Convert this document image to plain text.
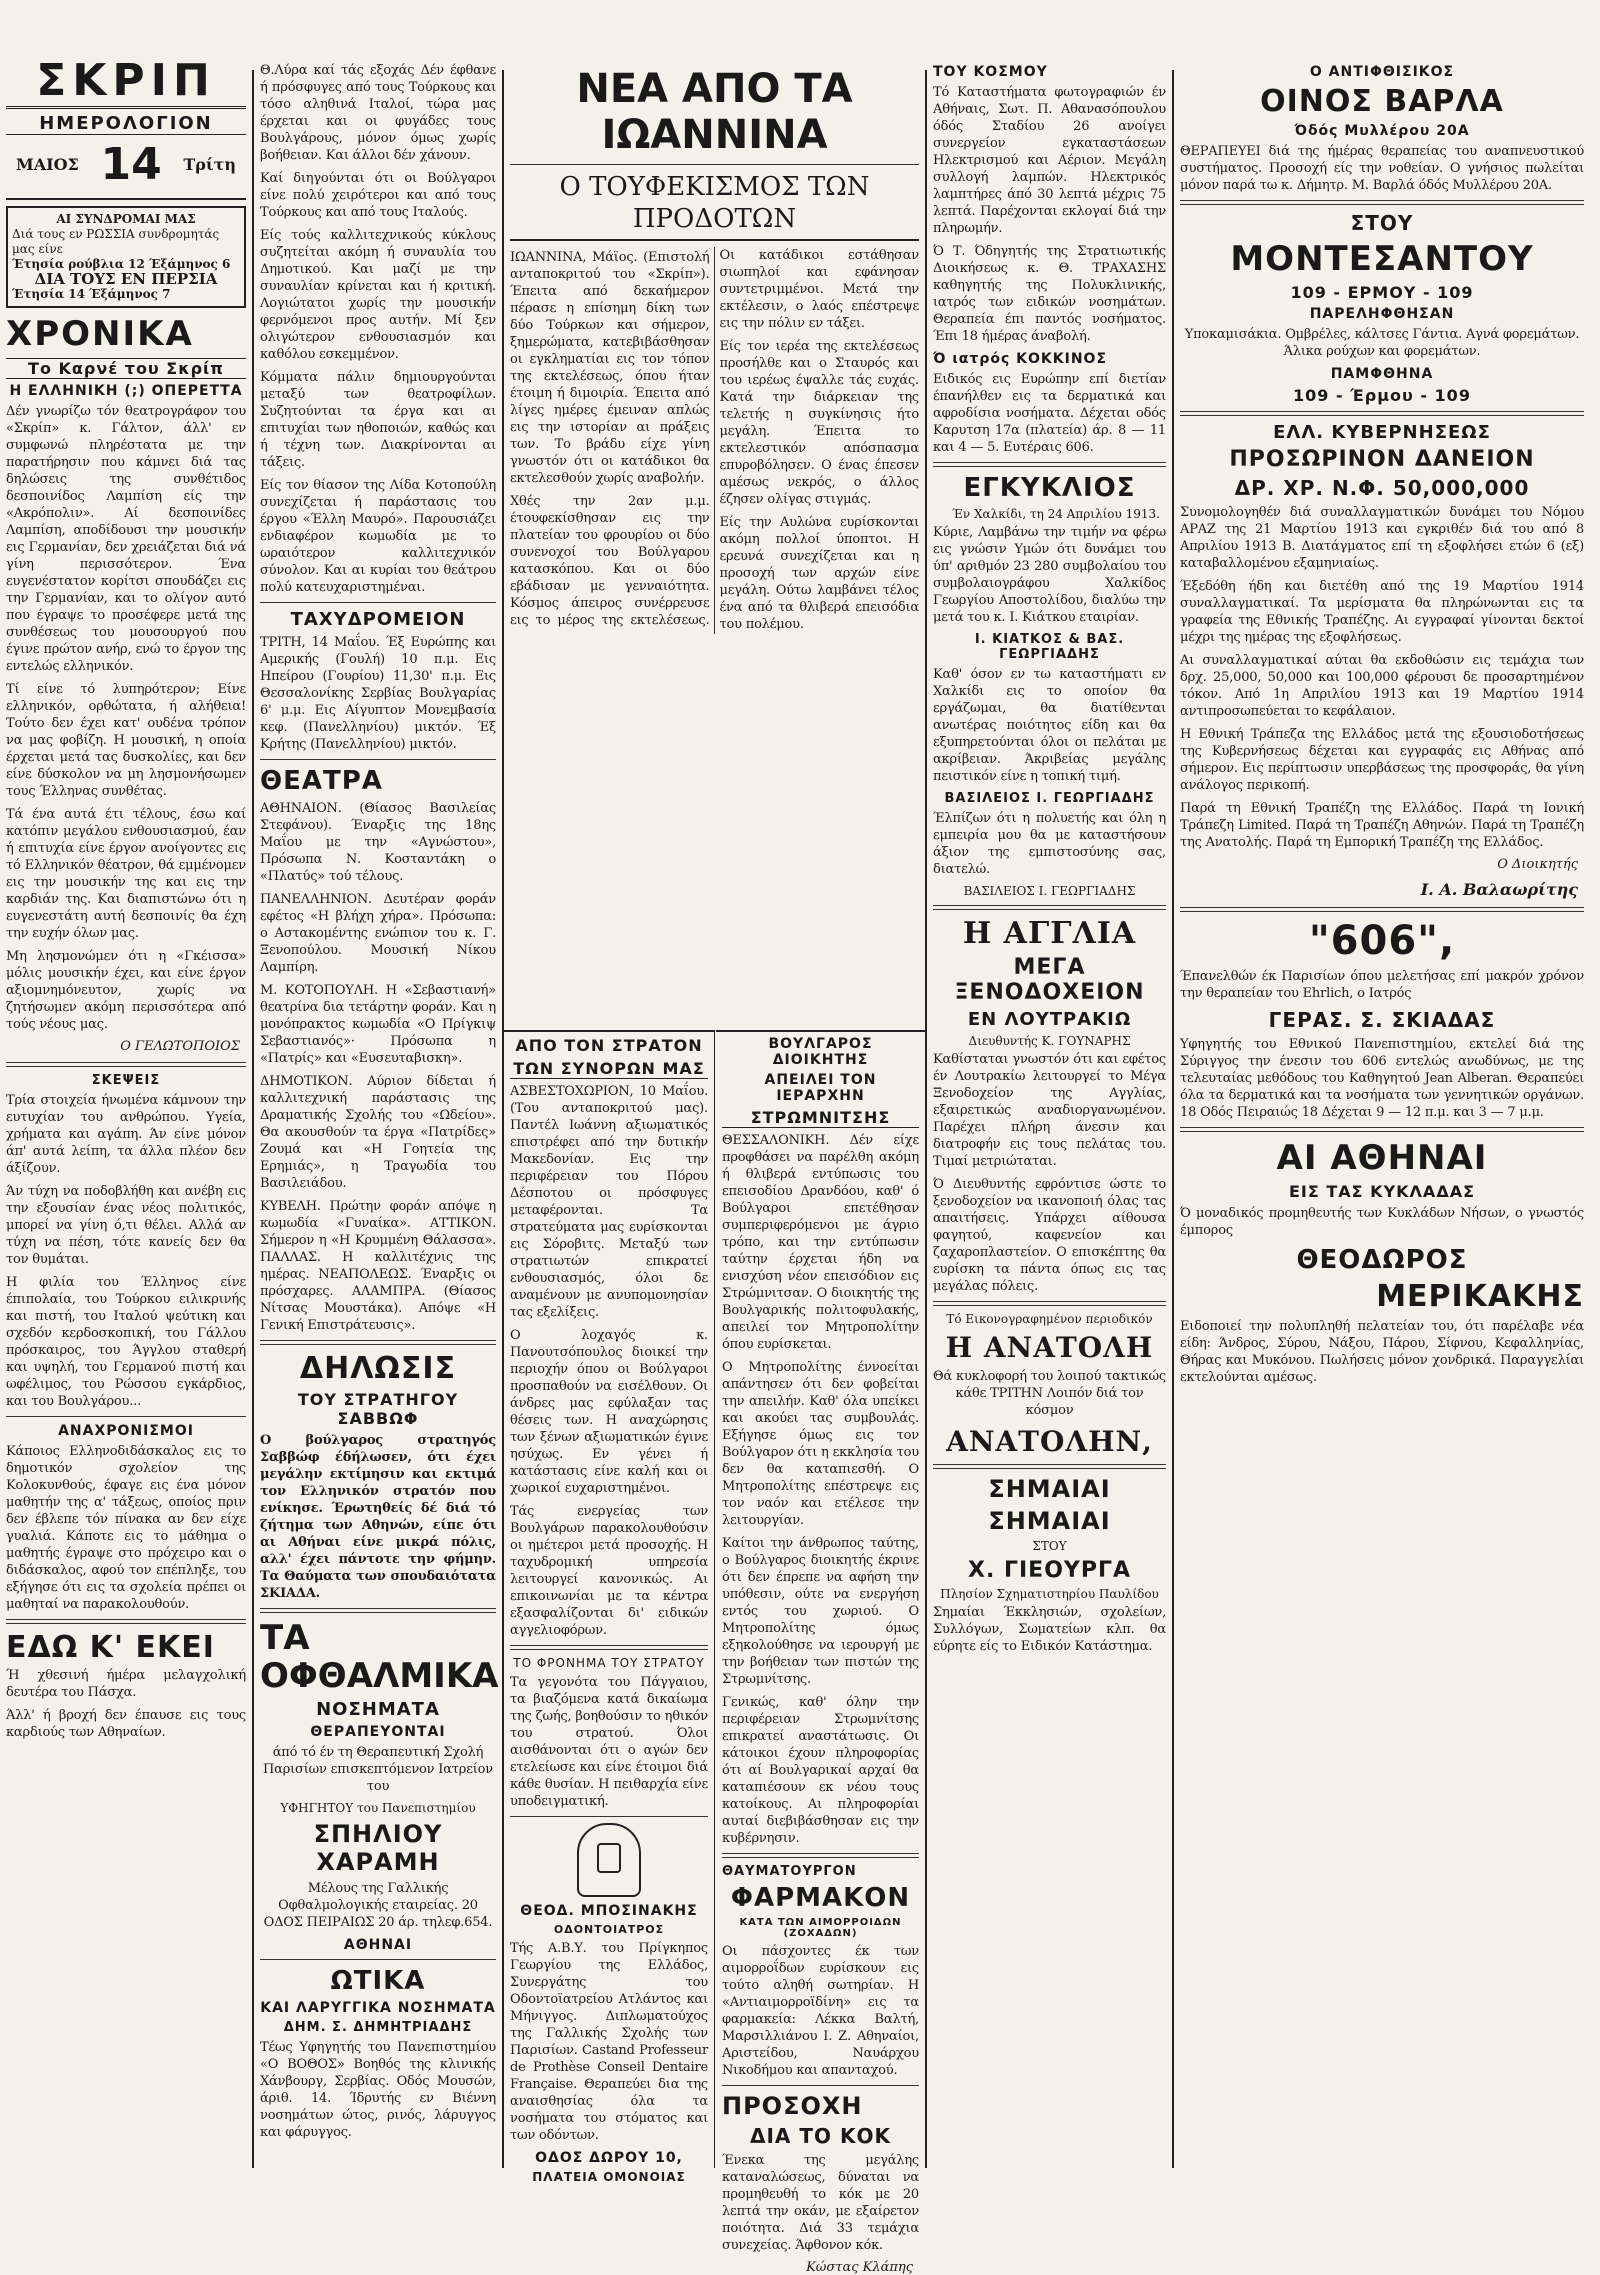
ΣΚΡΙΠ
ΗΜΕΡΟΛΟΓΙΟΝ
ΜΑΙΟΣ 14 Τρίτη
ΑΙ ΣΥΝΔΡΟΜΑΙ ΜΑΣ
Διά τους εν ΡΩΣΣΙΑ συνδρομητάς μας είνε
Έτησία ρούβλια 12 Έξάμηνος 6
ΔΙΑ ΤΟΥΣ ΕΝ ΠΕΡΣΙΑ
Έτησία 14 Έξάμηνος 7
ΧΡΟΝΙΚΑ
Το Καρνέ του Σκρίπ
Η ΕΛΛΗΝΙΚΗ (;) ΟΠΕΡΕΤΤΑ

Δέν γνωρίζω τόν θεατρογράφον του «Σκρίπ» κ. Γάλτον, άλλ' εν συμφωνώ πληρέστατα με την παρατήρησιν που κάμνει διά τας δηλώσεις της συνθέτιδος δεσποινίδος Λαμπίση είς την «Ακρόπολιν». Αί δεσποινίδες Λαμπίση, αποδίδουσι την μουσικήν εις Γερμανίαν, δεν χρειάζεται διά νά γίνη περισσότερον. Ένα ευγενέστατον κορίτσι σπουδάζει εις την Γερμανίαν, και το ολίγον αυτό που έγραψε το προσέφερε μετά της συνθέσεως του μουσουργού που έγινε πρώτον ανήρ, ενώ το έργον της εντελώς ελληνικόν.

Τί είνε τό λυπηρότερον; Είνε ελληνικόν, ορθώτατα, ή αλήθεια! Τούτο δεν έχει κατ' ουδένα τρόπον να μας φοβίζη. Η μουσική, η οποία έρχεται μετά τας δυσκολίες, και δεν είνε δύσκολον να μη λησμονήσωμεν τους Έλληνας συνθέτας.

Τά ένα αυτά έτι τέλους, έσω καί κατόπιν μεγάλου ενθουσιασμού, έαν ή επιτυχία είνε έργον ανοίγοντες εις τό Ελληνικόν θέατρον, θά εμμένομεν εις την μουσικήν της και εις την καρδιάν της. Και διαπιστώνω ότι η ευγενεστάτη αυτή δεσποινίς θα έχη την ευχήν όλων μας.

Μη λησμονώμεν ότι η «Γκέισσα» μόλις μουσικήν έχει, και είνε έργον αξιομνημόνευτον, χωρίς να ζητήσωμεν ακόμη περισσότερα από τούς νέους μας.

Ο ΓΕΛΩΤΟΠΟΙΟΣ
ΣΚΕΨΕΙΣ

Τρία στοιχεία ήνωμένα κάμνουν την ευτυχίαν του ανθρώπου. Υγεία, χρήματα και αγάπη. Άν είνε μόνον άπ' αυτά λείπη, τα άλλα πλέον δεν άξίζουν.

Άν τύχη να ποδοβλήθη και ανέβη εις την εξουσίαν ένας νέος πολιτικός, μπορεί να γίνη ό,τι θέλει. Αλλά αν τύχη να πέση, τότε κανείς δεν θα τον θυμάται.

Η φιλία του Έλληνος είνε έπιπολαία, του Τούρκου ειλικρινής και πιστή, του Ιταλού ψεύτικη και σχεδόν κερδοσκοπική, του Γάλλου πρόσκαιρος, του Άγγλου σταθερή και υψηλή, του Γερμανού πιστή και ωφέλιμος, του Ρώσσου εγκάρδιος, και του Βουλγάρου...

ΑΝΑΧΡΟΝΙΣΜΟΙ

Κάποιος Ελληνοδιδάσκαλος εις το δημοτικόν σχολείον της Κολοκυνθούς, έφαγε εις ένα μόνον μαθητήν της α' τάξεως, οποίος πριν δεν έβλεπε τόν πίνακα αν δεν είχε γυαλιά. Κάποτε εις το μάθημα ο μαθητής έγραψε στο πρόχειρο και ο διδάσκαλος, αφού τον επέπληξε, του εξήγησε ότι εις τα σχολεία πρέπει οι μαθηταί να παρακολουθούν.

ΕΔΩ Κ' ΕΚΕΙ

Ή χθεσινή ήμέρα μελαγχολική δευτέρα του Πάσχα.

Άλλ' ή βροχή δεν έπαυσε εις τους καρδιούς των Αθηναίων.

Θ.Λύρα καί τάς εξοχάς Δέν έφθανε ή πρόσφυγες από τους Τούρκους και τόσο αληθινά Ιταλοί, τώρα μας έρχεται και οι φυγάδες τους Βουλγάρους, μόνον όμως χωρίς βοήθειαν. Και άλλοι δέν χάνουν.

Καί διηγούνται ότι οι Βούλγαροι είνε πολύ χειρότεροι και από τους Τούρκους και από τους Ιταλούς.

Είς τούς καλλιτεχνικούς κύκλους συζητείται ακόμη ή συναυλία του Δημοτικού. Και μαζί με την συναυλίαν κρίνεται και ή κριτική. Λογιώτατοι χωρίς την μουσικήν φερνόμενοι προς αυτήν. Μί ξεν ολιγώτερον ενθουσιασμόν και καθόλου εσκεμμένον.

Κόμματα πάλιν δημιουργούνται μεταξύ των θεατροφίλων. Συζητούνται τα έργα και αι επιτυχίαι των ηθοποιών, καθώς και ή τέχνη των. Διακρίνονται αι τάξεις.

Είς τον θίασον της Λίδα Κοτοπούλη συνεχίζεται ή παράστασις του έργου «Έλλη Μαυρό». Παρουσιάζει ενδιαφέρον κωμωδία με το ωραιότερον καλλιτεχνικόν σύνολον. Και αι κυρίαι του θεάτρου πολύ κατευχαριστημέναι.

ΤΑΧΥΔΡΟΜΕΙΟΝ

ΤΡΙΤΗ, 14 Μαΐου. Έξ Ευρώπης και Αμερικής (Γουλή) 10 π.μ. Εις Ηπείρου (Γουρίου) 11,30' π.μ. Εις Θεσσαλονίκης Σερβίας Βουλγαρίας 6' μ.μ. Εις Αίγυπτον Μονεμβασία κεφ. (Πανελληνίου) μικτόν. Έξ Κρήτης (Πανελληνίου) μικτόν.

ΘΕΑΤΡΑ

ΑΘΗΝΑΙΟΝ. (Θίασος Βασιλείας Στεφάνου). Έναρξις της 18ης Μαΐου με την «Αγνώστου», Πρόσωπα Ν. Κοσταντάκη ο «Πλατύς» τού τέλους.

ΠΑΝΕΛΛΗΝΙΟΝ. Δευτέραν φοράν εφέτος «Η βλήχη χήρα». Πρόσωπα: ο Αστακομέντης ενώπιον του κ. Γ. Ξενοπούλου. Μουσική Νίκου Λαμπίρη.

Μ. ΚΟΤΟΠΟΥΛΗ. Η «Σεβαστιανή» θεατρίνα δια τετάρτην φοράν. Και η μονόπρακτος κωμωδία «Ο Πρίγκιψ Σεβαστιανός»· Πρόσωπα η «Πατρίς» και «Ευσευταβισκη».

ΔΗΜΟΤΙΚΟΝ. Αύριον δίδεται ή καλλιτεχνική παράστασις της Δραματικής Σχολής του «Ωδείου». Θα ακουσθούν τα έργα «Πατρίδες» Ζουμά και «Η Γοητεία της Ερημιάς», η Τραγωδία του Βασιλειάδου.

ΚΥΒΕΛΗ. Πρώτην φοράν απόψε η κωμωδία «Γυναίκα». ΑΤΤΙΚΟΝ. Σήμερον η «Η Κρυμμένη Θάλασσα». ΠΑΛΛΑΣ. Η καλλιτέχνις της ημέρας. ΝΕΑΠΟΛΕΩΣ. Έναρξις οι πρόσχαρες. ΑΛΑΜΠΡΑ. (Θίασος Νίτσας Μουστάκα). Απόψε «Η Γενική Επιστράτευσις».

ΔΗΛΩΣΙΣ
ΤΟΥ ΣΤΡΑΤΗΓΟΥ ΣΑΒΒΩΦ

Ο βούλγαρος στρατηγός Σαββώφ έδήλωσεν, ότι έχει μεγάλην εκτίμησιν και εκτιμά τον Ελληνικόν στρατόν που ενίκησε. Έρωτηθείς δέ διά τό ζήτημα των Αθηνών, είπε ότι αι Αθήναι είνε μικρά πόλις, αλλ' έχει πάντοτε την φήμην. Τα Θαύματα των σπουδαιότατα ΣΚΙΑΔΑ.

ΤΑ ΟΦΘΑΛΜΙΚΑ
ΝΟΣΗΜΑΤΑ
ΘΕΡΑΠΕΥΟΝΤΑΙ

άπό τό έν τη Θεραπευτική Σχολή Παρισίων επισκεπτόμενον Ιατρείον του

ΥΦΗΓΗΤΟΥ του Πανεπιστημίου
ΣΠΗΛΙΟΥ ΧΑΡΑΜΗ

Μέλους της Γαλλικής Οφθαλμολογικής εταιρείας. 20 ΟΔΟΣ ΠΕΙΡΑΙΩΣ 20 άρ. τηλεφ.654.

ΑΘΗΝΑΙ
ΩΤΙΚΑ
ΚΑΙ ΛΑΡΥΓΓΙΚΑ ΝΟΣΗΜΑΤΑ
ΔΗΜ. Σ. ΔΗΜΗΤΡΙΑΔΗΣ

Τέως Υφηγητής του Πανεπιστημίου «Ο ΒΟΘΟΣ» Βοηθός της κλινικής Χάνβουργ, Σερβίας. Οδός Μουσών, άριθ. 14. Ίδρυτής εν Βιέννη νοσημάτων ώτος, ρινός, λάρυγγος και φάρυγγος.

ΝΕΑ ΑΠΟ ΤΑ ΙΩΑΝΝΙΝΑ
Ο ΤΟΥΦΕΚΙΣΜΟΣ ΤΩΝ ΠΡΟΔΟΤΩΝ

ΙΩΑΝΝΙΝΑ, Μάϊος. (Επιστολή ανταποκριτού του «Σκρίπ»). Έπειτα από δεκαήμερον πέρασε η επίσημη δίκη των δύο Τούρκων και σήμερον, ξημερώματα, κατεβιβάσθησαν οι εγκληματίαι εις τον τόπον της εκτελέσεως, όπου ήταν έτοιμη ή διμοιρία. Έπειτα από λίγες ημέρες έμειναν απλώς εις την ιστορίαν αι πράξεις των. Το βράδυ είχε γίνη γνωστόν ότι οι κατάδικοι θα εκτελεσθούν χωρίς αναβολήν.

Χθές την 2αν μ.μ. έτουφεκίσθησαν εις την πλατείαν του φρουρίου οι δύο συνενοχοί του Βούλγαρου κατασκόπου. Και οι δύο εβάδισαν με γενναιότητα. Κόσμος άπειρος συνέρρευσε εις το μέρος της εκτελέσεως. Οι κατάδικοι εστάθησαν σιωπηλοί και εφάνησαν συντετριμμένοι. Μετά την εκτέλεσιν, ο λαός επέστρεψε εις την πόλιν εν τάξει.

Είς τον ιερέα της εκτελέσεως προσήλθε και ο Σταυρός και του ιερέως έψαλλε τάς ευχάς. Κατά την διάρκειαν της τελετής η συγκίνησις ήτο μεγάλη. Έπειτα το εκτελεστικόν απόσπασμα επυροβόλησεν. Ο ένας έπεσεν αμέσως νεκρός, ο άλλος έζησεν ολίγας στιγμάς.

Είς την Αυλώνα ευρίσκονται ακόμη πολλοί ύποπτοι. Η ερευνά συνεχίζεται και η προσοχή των αρχών είνε μεγάλη. Ούτω λαμβάνει τέλος ένα από τα θλιβερά επεισόδια του πολέμου.

ΑΠΟ ΤΟΝ ΣΤΡΑΤΟΝ
ΤΩΝ ΣΥΝΟΡΩΝ ΜΑΣ

ΑΣΒΕΣΤΟΧΩΡΙΟΝ, 10 Μαΐου. (Του ανταποκριτού μας). Παντέλ Ιωάννη αξιωματικός επιστρέφει από την δυτικήν Μακεδονίαν. Εις την περιφέρειαν του Πόρου Δέσποτου οι πρόσφυγες μεταφέρονται. Τα στρατεύματα μας ευρίσκονται εις Σόροβιτς. Μεταξύ των στρατιωτών επικρατεί ενθουσιασμός, όλοι δε αναμένουν με ανυπομονησίαν τας εξελίξεις.

Ο λοχαγός κ. Πανουτσόπουλος διοικεί την περιοχήν όπου οι Βούλγαροι προσπαθούν να εισέλθουν. Οι άνδρες μας εφύλαξαν τας θέσεις των. Η αναχώρησις των ξένων αξιωματικών έγινε ησύχως. Εν γένει ή κατάστασις είνε καλή και οι χωρικοί ευχαριστημένοι.

Τάς ενεργείας των Βουλγάρων παρακολουθούσιν οι ημέτεροι μετά προσοχής. Η ταχυδρομική υπηρεσία λειτουργεί κανονικώς. Αι επικοινωνίαι με τα κέντρα εξασφαλίζονται δι' ειδικών αγγελιοφόρων.

ΤΟ ΦΡΟΝΗΜΑ ΤΟΥ ΣΤΡΑΤΟΥ

Τα γεγονότα του Πάγγαιου, τα βιαζόμενα κατά δικαίωμα της ζωής, βοηθούσιν το ηθικόν του στρατού. Όλοι αισθάνονται ότι ο αγών δεν ετελείωσε και είνε έτοιμοι διά κάθε θυσίαν. Η πειθαρχία είνε υποδειγματική.

ΘΕΟΔ. ΜΠΟΣΙΝΑΚΗΣ
ΟΔΟΝΤΟΙΑΤΡΟΣ

Τής Α.Β.Υ. του Πρίγκηπος Γεωργίου της Ελλάδος, Συνεργάτης του Οδοντοϊατρείου Ατλάντος και Μήνιγγος. Διπλωματούχος της Γαλλικής Σχολής των Παρισίων. Castand Professeur de Prothèse Conseil Dentaire Française. Θεραπεύει δια της αναισθησίας όλα τα νοσήματα του στόματος και των οδόντων.

ΟΔΟΣ ΔΩΡΟΥ 10,
ΠΛΑΤΕΙΑ ΟΜΟΝΟΙΑΣ
ΒΟΥΛΓΑΡΟΣ ΔΙΟΙΚΗΤΗΣ
ΑΠΕΙΛΕΙ ΤΟΝ ΙΕΡΑΡΧΗΝ
ΣΤΡΩΜΝΙΤΣΗΣ

ΘΕΣΣΑΛΟΝΙΚΗ. Δέν είχε προφθάσει να παρέλθη ακόμη ή θλιβερά εντύπωσις του επεισοδίου Δρανδόου, καθ' ό Βούλγαροι επετέθησαν συμπεριφερόμενοι με άγριο τρόπο, και την εντύπωσιν ταύτην έρχεται ήδη να ενισχύση νέον επεισόδιον εις Στρώμνιτσαν. Ο διοικητής της Βουλγαρικής πολιτοφυλακής, απειλεί τον Μητροπολίτην όπου ευρίσκεται.

Ο Μητροπολίτης έννοείται απάντησεν ότι δεν φοβείται την απειλήν. Καθ' όλα υπείκει και ακούει τας συμβουλάς. Εξήγησε όμως εις τον Βούλγαρον ότι η εκκλησία του δεν θα καταπιεσθή. Ο Μητροπολίτης επέστρεψε εις τον ναόν και ετέλεσε την λειτουργίαν.

Καίτοι την άνθρωπος ταύτης, ο Βούλγαρος διοικητής έκρινε ότι δεν έπρεπε να αφήση την υπόθεσιν, ούτε να ενεργήση εντός του χωριού. Ο Μητροπολίτης όμως εξηκολούθησε να ιερουργή με την βοήθειαν των πιστών της Στρωμνίτσης.

Γενικώς, καθ' όλην την περιφέρειαν Στρωμνίτσης επικρατεί αναστάτωσις. Οι κάτοικοι έχουν πληροφορίας ότι αί Βουλγαρικαί αρχαί θα καταπιέσουν εκ νέου τους κατοίκους. Αι πληροφορίαι αυταί διεβιβάσθησαν εις την κυβέρνησιν.

ΘΑΥΜΑΤΟΥΡΓΟΝ
ΦΑΡΜΑΚΟΝ
ΚΑΤΑ ΤΩΝ ΑΙΜΟΡΡΟΙΔΩΝ (ΖΟΧΑΔΩΝ)

Οι πάσχοντες έκ των αιμορροΐδων ευρίσκουν εις τούτο αληθή σωτηρίαν. Η «Αντιαιμορροϊδίνη» εις τα φαρμακεία: Λέκκα Βαλτή, Μαρσιλλιάνου Ι. Ζ. Αθηναίοι, Αριστείδου, Ναυάρχου Νικοδήμου και απανταχού.

ΠΡΟΣΟΧΗ
ΔΙΑ ΤΟ ΚΟΚ

Ένεκα της μεγάλης καταναλώσεως, δύναται να προμηθευθή το κόκ με 20 λεπτά την οκάν, με εξαίρετον ποιότητα. Διά 33 τεμάχια συνεχείας. Άφθονον κόκ.

Κώστας Κλάπης
ΤΟΥ ΚΟΣΜΟΥ

Τό Καταστήματα φωτογραφιών έν Αθήναις, Σωτ. Π. Αθανασόπουλου όδός Σταδίου 26 ανοίγει συνεργείον εγκαταστάσεων Ηλεκτρισμού και Αέριον. Μεγάλη συλλογή λαμπών. Ηλεκτρικός λαμπτήρες άπό 30 λεπτά μέχρις 75 λεπτά. Παρέχονται εκλογαί διά την πληρωμήν.

Ό Τ. Όδηγητής της Στρατιωτικής Διοικήσεως κ. Θ. ΤΡΑΧΑΣΗΣ καθηγητής της Πολυκλινικής, ιατρός των ειδικών νοσημάτων. Θεραπεία έπι παντός νοσήματος. Έπι 18 ήμέρας άναβολή.

Ό ιατρός ΚΟΚΚΙΝΟΣ

Ειδικός εις Ευρώπην επί διετίαν έπανήλθεν εις τα δερματικά και αφροδίσια νοσήματα. Δέχεται οδός Καρυτση 17α (πλατεία) άρ. 8 — 11 και 4 — 5. Ευτέραις 606.

ΕΓΚΥΚΛΙΟΣ
Έν Χαλκίδι, τη 24 Απριλίου 1913.

Κύριε, Λαμβάνω την τιμήν να φέρω εις γνώσιν Υμών ότι δυνάμει του ύπ' αριθμόν 23 280 συμβολαίου του συμβολαιογράφου Χαλκίδος Γεωργίου Αποστολίδου, διαλύω την μετά του κ. Ι. Κιάτκου εταιρίαν.

Ι. ΚΙΑΤΚΟΣ & ΒΑΣ. ΓΕΩΡΓΙΑΔΗΣ

Καθ' όσον εν τω καταστήματι εν Χαλκίδι εις το οποίον θα εργάζωμαι, θα διατίθενται ανωτέρας ποιότητος είδη και θα εξυπηρετούνται όλοι οι πελάται με ακρίβειαν. Άκριβείας μεγάλης πειστικόν είνε η τοπική τιμή.

ΒΑΣΙΛΕΙΟΣ Ι. ΓΕΩΡΓΙΑΔΗΣ

Έλπίζων ότι η πολυετής και όλη η εμπειρία μου θα με καταστήσουν άξιον της εμπιστοσύνης σας, διατελώ.

ΒΑΣΙΛΕΙΟΣ Ι. ΓΕΩΡΓΙΑΔΗΣ
Η ΑΓΓΛΙΑ
ΜΕΓΑ ΞΕΝΟΔΟΧΕΙΟΝ
ΕΝ ΛΟΥΤΡΑΚΙΩ
Διευθυντής Κ. ΓΟΥΝΑΡΗΣ

Καθίσταται γνωστόν ότι και εφέτος έν Λουτρακίω λειτουργεί το Μέγα Ξενοδοχείον της Αγγλίας, εξαιρετικώς αναδιοργανωμένον. Παρέχει πλήρη άνεσιν και διατροφήν εις τους πελάτας του. Τιμαί μετριώταται.

Ό Διευθυντής εφρόντισε ώστε το ξενοδοχείον να ικανοποιή όλας τας απαιτήσεις. Υπάρχει αίθουσα φαγητού, καφενείον και ζαχαροπλαστείον. Ο επισκέπτης θα ευρίσκη τα πάντα όπως εις τας μεγάλας πόλεις.

Τό Εικονογραφημένον περιοδικόν
Η ΑΝΑΤΟΛΗ

Θά κυκλοφορή του λοιπού τακτικώς κάθε ΤΡΙΤΗΝ Λοιπόν διά τον κόσμον

ΑΝΑΤΟΛΗΝ,
ΣΗΜΑΙΑΙ
ΣΗΜΑΙΑΙ
ΣΤΟΥ
Χ. ΓΙΕΟΥΡΓΑ
Πλησίον Σχηματιστηρίου Παυλίδου

Σημαίαι Έκκλησιών, σχολείων, Συλλόγων, Σωματείων κλπ. θα εύρητε είς το Ειδικόν Κατάστημα.

Ο ΑΝΤΙΦΘΙΣΙΚΟΣ
ΟΙΝΟΣ ΒΑΡΛΑ
Όδός Μυλλέρου 20Α

ΘΕΡΑΠΕΥΕΙ διά της ήμέρας θεραπείας του αναπνευστικού συστήματος. Προσοχή είς την νοθείαν. Ο γνήσιος πωλείται μόνον παρά τω κ. Δήμητρ. Μ. Βαρλά όδός Μυλλέρου 20Α.

ΣΤΟΥ
ΜΟΝΤΕΣΑΝΤΟΥ
109 - ΕΡΜΟΥ - 109
ΠΑΡΕΛΗΦΘΗΣΑΝ

Υποκαμισάκια. Ομβρέλες, κάλτσες Γάντια. Αγνά φορεμάτων. Άλικα ρούχων και φορεμάτων.

ΠΑΜΦΘΗΝΑ
109 - Έρμου - 109
ΕΛΛ. ΚΥΒΕΡΝΗΣΕΩΣ
ΠΡΟΣΩΡΙΝΟΝ ΔΑΝΕΙΟΝ
ΔΡ. ΧΡ. Ν.Φ. 50,000,000

Συνομολογηθέν διά συναλλαγματικών δυνάμει του Νόμου ΑΡΑΖ της 21 Μαρτίου 1913 και εγκριθέν διά του από 8 Απριλίου 1913 Β. Διατάγματος επί τη εξοφλήσει ετών 6 (εξ) καταβαλλομένου εξαμηνιαίως.

Έξεδόθη ήδη και διετέθη από της 19 Μαρτίου 1914 συναλλαγματικαί. Τα μερίσματα θα πληρώνωνται εις τα γραφεία της Εθνικής Τραπέζης. Αι εγγραφαί γίνονται δεκτοί μέχρι της ημέρας της εξοφλήσεως.

Αι συναλλαγματικαί αύται θα εκδοθώσιν εις τεμάχια των δρχ. 25,000, 50,000 και 100,000 φέρουσι δε προσαρτημένον τόκον. Από 1η Απριλίου 1913 και 19 Μαρτίου 1914 αντιπροσωπεύεται το κεφάλαιον.

Η Εθνική Τράπεζα της Ελλάδος μετά της εξουσιοδοτήσεως της Κυβερνήσεως δέχεται και εγγραφάς εις Αθήνας από σήμερον. Εις περίπτωσιν υπερβάσεως της προσφοράς, θα γίνη ανάλογος περικοπή.

Παρά τη Εθνική Τραπέζη της Ελλάδος. Παρά τη Ιονική Τράπεζη Limited. Παρά τη Τραπέζη Αθηνών. Παρά τη Τραπέζη της Ανατολής. Παρά τη Εμπορική Τραπέζη της Ελλάδος.

Ο Διοικητής
Ι. Α. Βαλαωρίτης
"606",

Έπανελθών έκ Παρισίων όπου μελετήσας επί μακρόν χρόνον την θεραπείαν του Ehrlich, ο Ιατρός

ΓΕΡΑΣ. Σ. ΣΚΙΑΔΑΣ

Υφηγητής του Εθνικού Πανεπιστημίου, εκτελεί διά της Σύριγγος την ένεσιν του 606 εντελώς ανωδύνως, με της τελευταίας μεθόδους του Καθηγητού Jean Alberan. Θεραπεύει όλα τα δερματικά και τα νοσήματα των γεννητικών οργάνων. 18 Οδός Πειραιώς 18 Δέχεται 9 — 12 π.μ. και 3 — 7 μ.μ.

ΑΙ ΑΘΗΝΑΙ
ΕΙΣ ΤΑΣ ΚΥΚΛΑΔΑΣ

Ό μοναδικός προμηθευτής των Κυκλάδων Νήσων, ο γνωστός έμπορος

ΘΕΟΔΩΡΟΣ
ΜΕΡΙΚΑΚΗΣ

Ειδοποιεί την πολυπληθή πελατείαν του, ότι παρέλαβε νέα είδη: Άνδρος, Σύρου, Νάξου, Πάρου, Σίφνου, Κεφαλληνίας, Θήρας και Μυκόνου. Πωλήσεις μόνον χονδρικά. Παραγγελίαι εκτελούνται αμέσως.
